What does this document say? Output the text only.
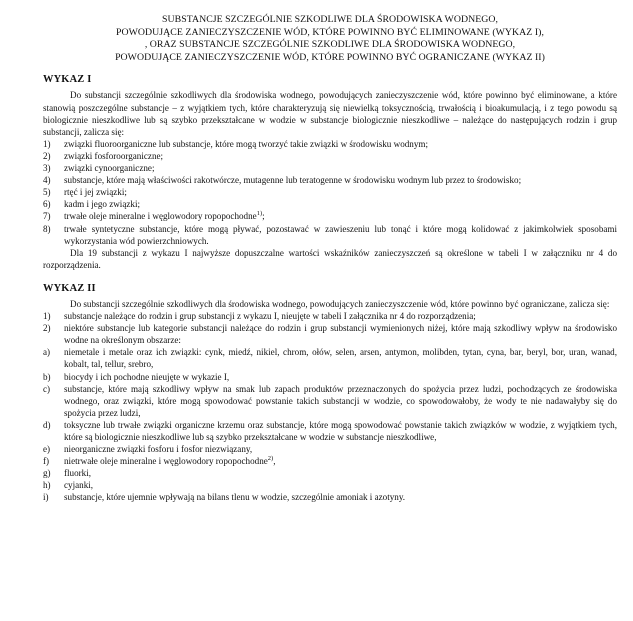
SUBSTANCJE SZCZEGÓLNIE SZKODLIWE DLA ŚRODOWISKA WODNEGO,
POWODUJĄCE ZANIECZYSZCZENIE WÓD, KTÓRE POWINNO BYĆ ELIMINOWANE (WYKAZ I),
, ORAZ SUBSTANCJE SZCZEGÓLNIE SZKODLIWE DLA ŚRODOWISKA WODNEGO,
POWODUJĄCE ZANIECZYSZCZENIE WÓD, KTÓRE POWINNO BYĆ OGRANICZANE (WYKAZ II)
WYKAZ I

Do substancji szczególnie szkodliwych dla środowiska wodnego, powodujących zanieczyszczenie wód, które powinno być eliminowane, a które stanowią poszczególne substancje – z wyjątkiem tych, które charakteryzują się niewielką toksycznością, trwałością i bioakumulacją, i z tego powodu są biologicznie nieszkodliwe lub są szybko przekształcane w wodzie w substancje biologicznie nieszkodliwe – należące do następujących rodzin i grup substancji, zalicza się:

1)	związki fluoroorganiczne lub substancje, które mogą tworzyć takie związki w środowisku wodnym;
2)	związki fosforoorganiczne;
3)	związki cynoorganiczne;
4)	substancje, które mają właściwości rakotwórcze, mutagenne lub teratogenne w środowisku wodnym lub przez to środowisko;
5)	rtęć i jej związki;
6)	kadm i jego związki;
7)	trwałe oleje mineralne i węglowodory ropopochodne$^{1)}$;
8)	trwałe syntetyczne substancje, które mogą pływać, pozostawać w zawieszeniu lub tonąć i które mogą kolidować z jakimkolwiek sposobami wykorzystania wód powierzchniowych.

Dla 19 substancji z wykazu I najwyższe dopuszczalne wartości wskaźników zanieczyszczeń są określone w tabeli I w załączniku nr 4 do rozporządzenia.

WYKAZ II

Do substancji szczególnie szkodliwych dla środowiska wodnego, powodujących zanieczyszczenie wód, które powinno być ograniczane, zalicza się:

1)	substancje należące do rodzin i grup substancji z wykazu I, nieujęte w tabeli I załącznika nr 4 do rozporządzenia;
2)	niektóre substancje lub kategorie substancji należące do rodzin i grup substancji wymienionych niżej, które mają szkodliwy wpływ na środowisko wodne na określonym obszarze:
a)	niemetale i metale oraz ich związki: cynk, miedź, nikiel, chrom, ołów, selen, arsen, antymon, molibden, tytan, cyna, bar, beryl, bor, uran, wanad, kobalt, tal, tellur, srebro,
b)	biocydy i ich pochodne nieujęte w wykazie I,
c)	substancje, które mają szkodliwy wpływ na smak lub zapach produktów przeznaczonych do spożycia przez ludzi, pochodzących ze środowiska wodnego, oraz związki, które mogą spowodować powstanie takich substancji w wodzie, co spowodowałoby, że wody te nie nadawałyby się do spożycia przez ludzi,
d)	toksyczne lub trwałe związki organiczne krzemu oraz substancje, które mogą spowodować powstanie takich związków w wodzie, z wyjątkiem tych, które są biologicznie nieszkodliwe lub są szybko przekształcane w wodzie w substancje nieszkodliwe,
e)	nieorganiczne związki fosforu i fosfor niezwiązany,
f)	nietrwałe oleje mineralne i węglowodory ropopochodne$^{2)}$,
g)	fluorki,
h)	cyjanki,
i)	substancje, które ujemnie wpływają na bilans tlenu w wodzie, szczególnie amoniak i azotyny.
